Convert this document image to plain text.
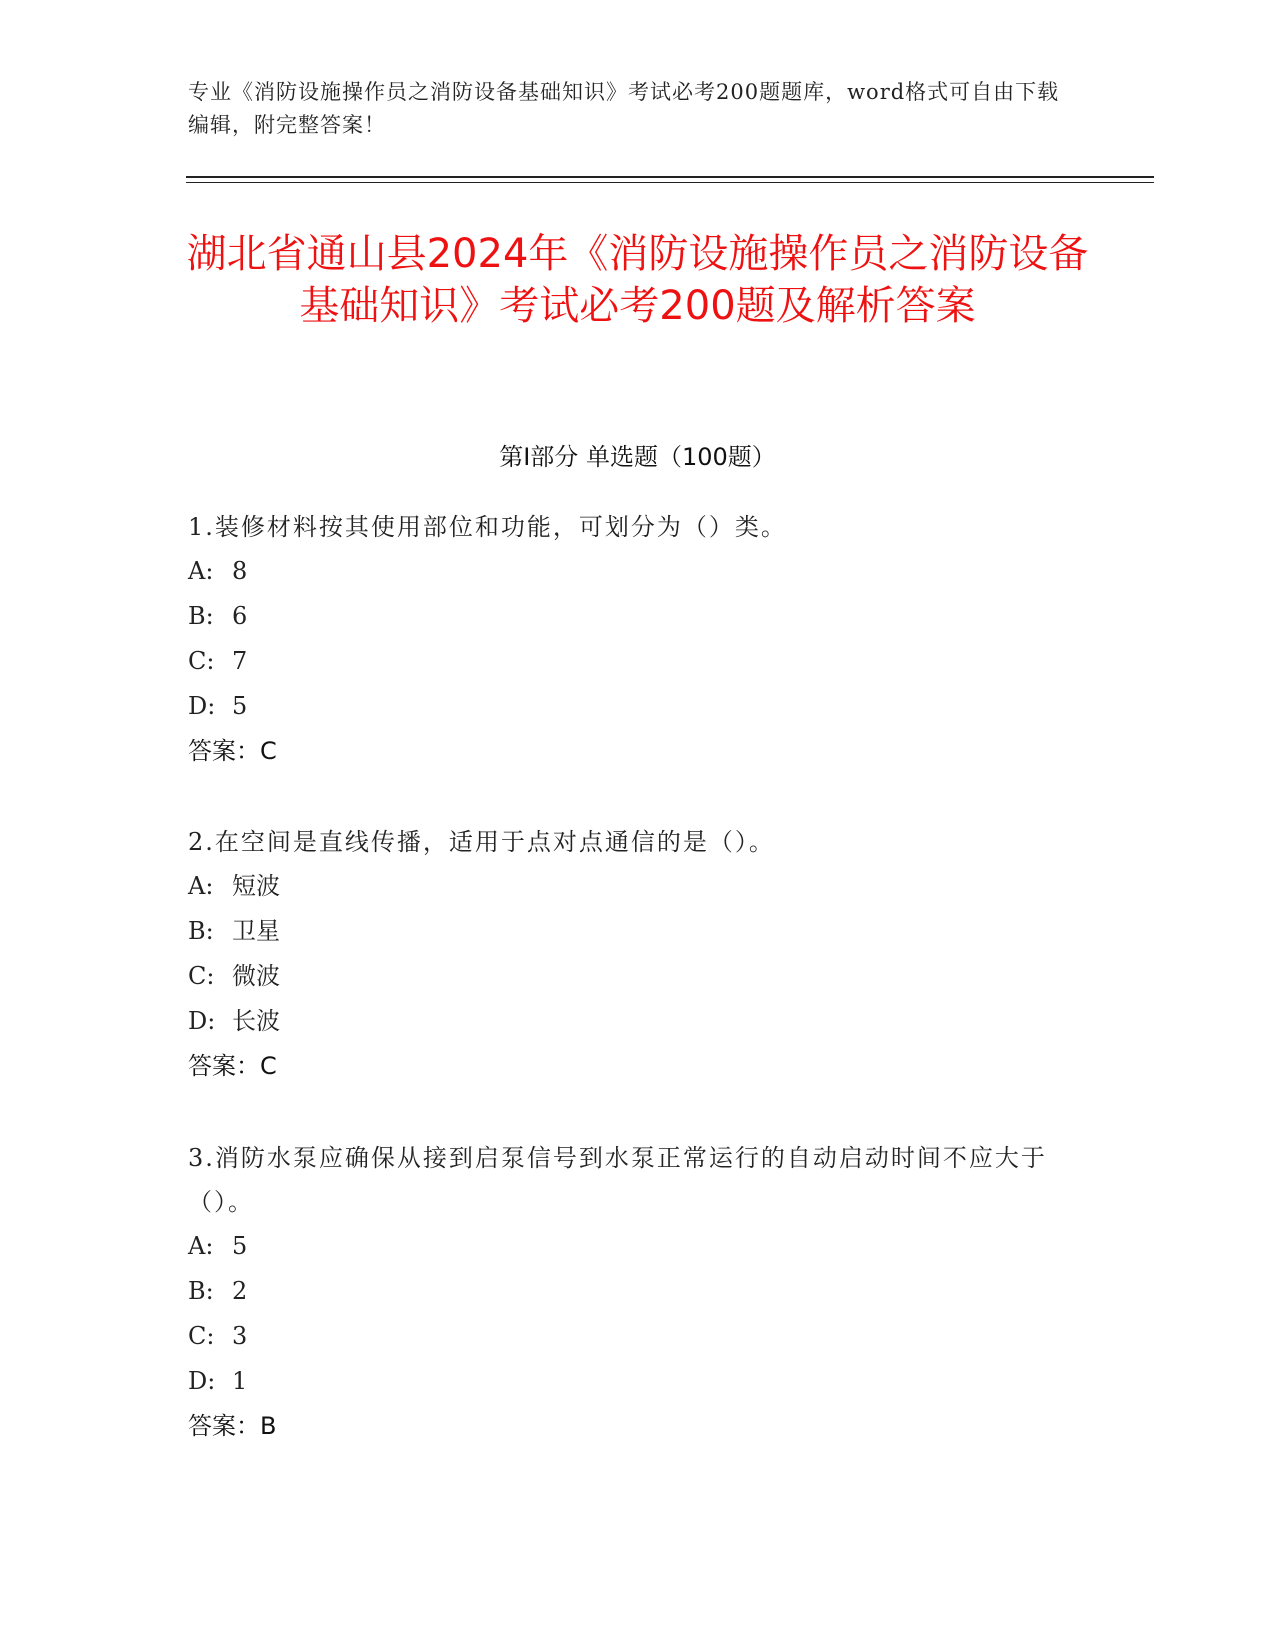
专业《消防设施操作员之消防设备基础知识》考试必考200题题库，word格式可自由下载编辑，附完整答案！
湖北省通山县2024年《消防设施操作员之消防设备基础知识》考试必考200题及解析答案
第Ⅰ部分 单选题（100题）

1.装修材料按其使用部位和功能，可划分为（）类。

A: 8

B: 6

C: 7

D: 5

答案：C

2.在空间是直线传播，适用于点对点通信的是（）。

A: 短波

B: 卫星

C: 微波

D: 长波

答案：C

3.消防水泵应确保从接到启泵信号到水泵正常运行的自动启动时间不应大于（）。

A: 5

B: 2

C: 3

D: 1

答案：B
